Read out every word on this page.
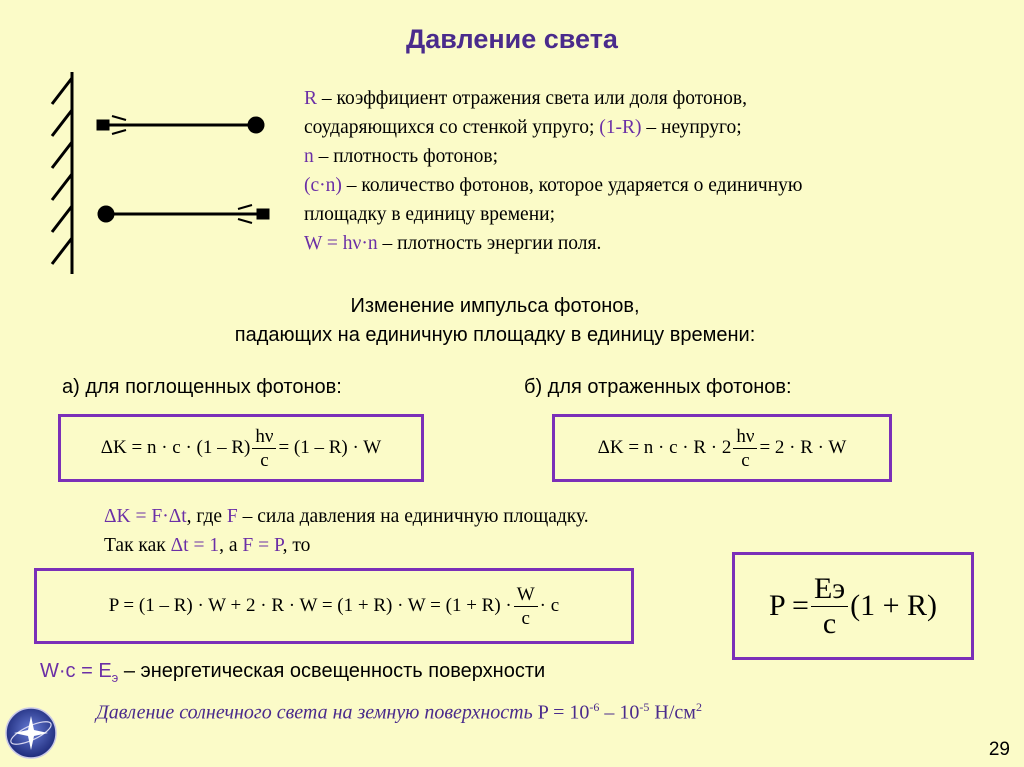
Давление света
R – коэффициент отражения света или доля фотонов,
соударяющихся со стенкой упруго; (1-R) – неупруго;
n – плотность фотонов;
(c·n) – количество фотонов, которое ударяется о единичную
площадку в единицу времени;
W = hν·n – плотность энергии поля.
Изменение импульса фотонов,
падающих на единичную площадку в единицу времени:
а) для поглощенных фотонов:	б) для отраженных фотонов:
$\Delta K = n \cdot c \cdot (1 - R) \frac{h\nu}{c} = (1 - R) \cdot W$	$\Delta K = n \cdot c \cdot R \cdot 2 \frac{h\nu}{c} = 2 \cdot R \cdot W$
ΔK = F·Δt, где F – сила давления на единичную площадку.
Так как Δt = 1, а F = P, то
$P = (1 - R) \cdot W + 2 \cdot R \cdot W = (1 + R) \cdot W = (1 + R) \cdot \frac{W}{c} \cdot c$	$P = \frac{Eэ}{c} (1 + R)$
$W\cdot c = E_э$ – энергетическая освещенность поверхности
Давление солнечного света на земную поверхность $P = 10^{-6} - 10^{-5}$ $Н/см^2$
29
